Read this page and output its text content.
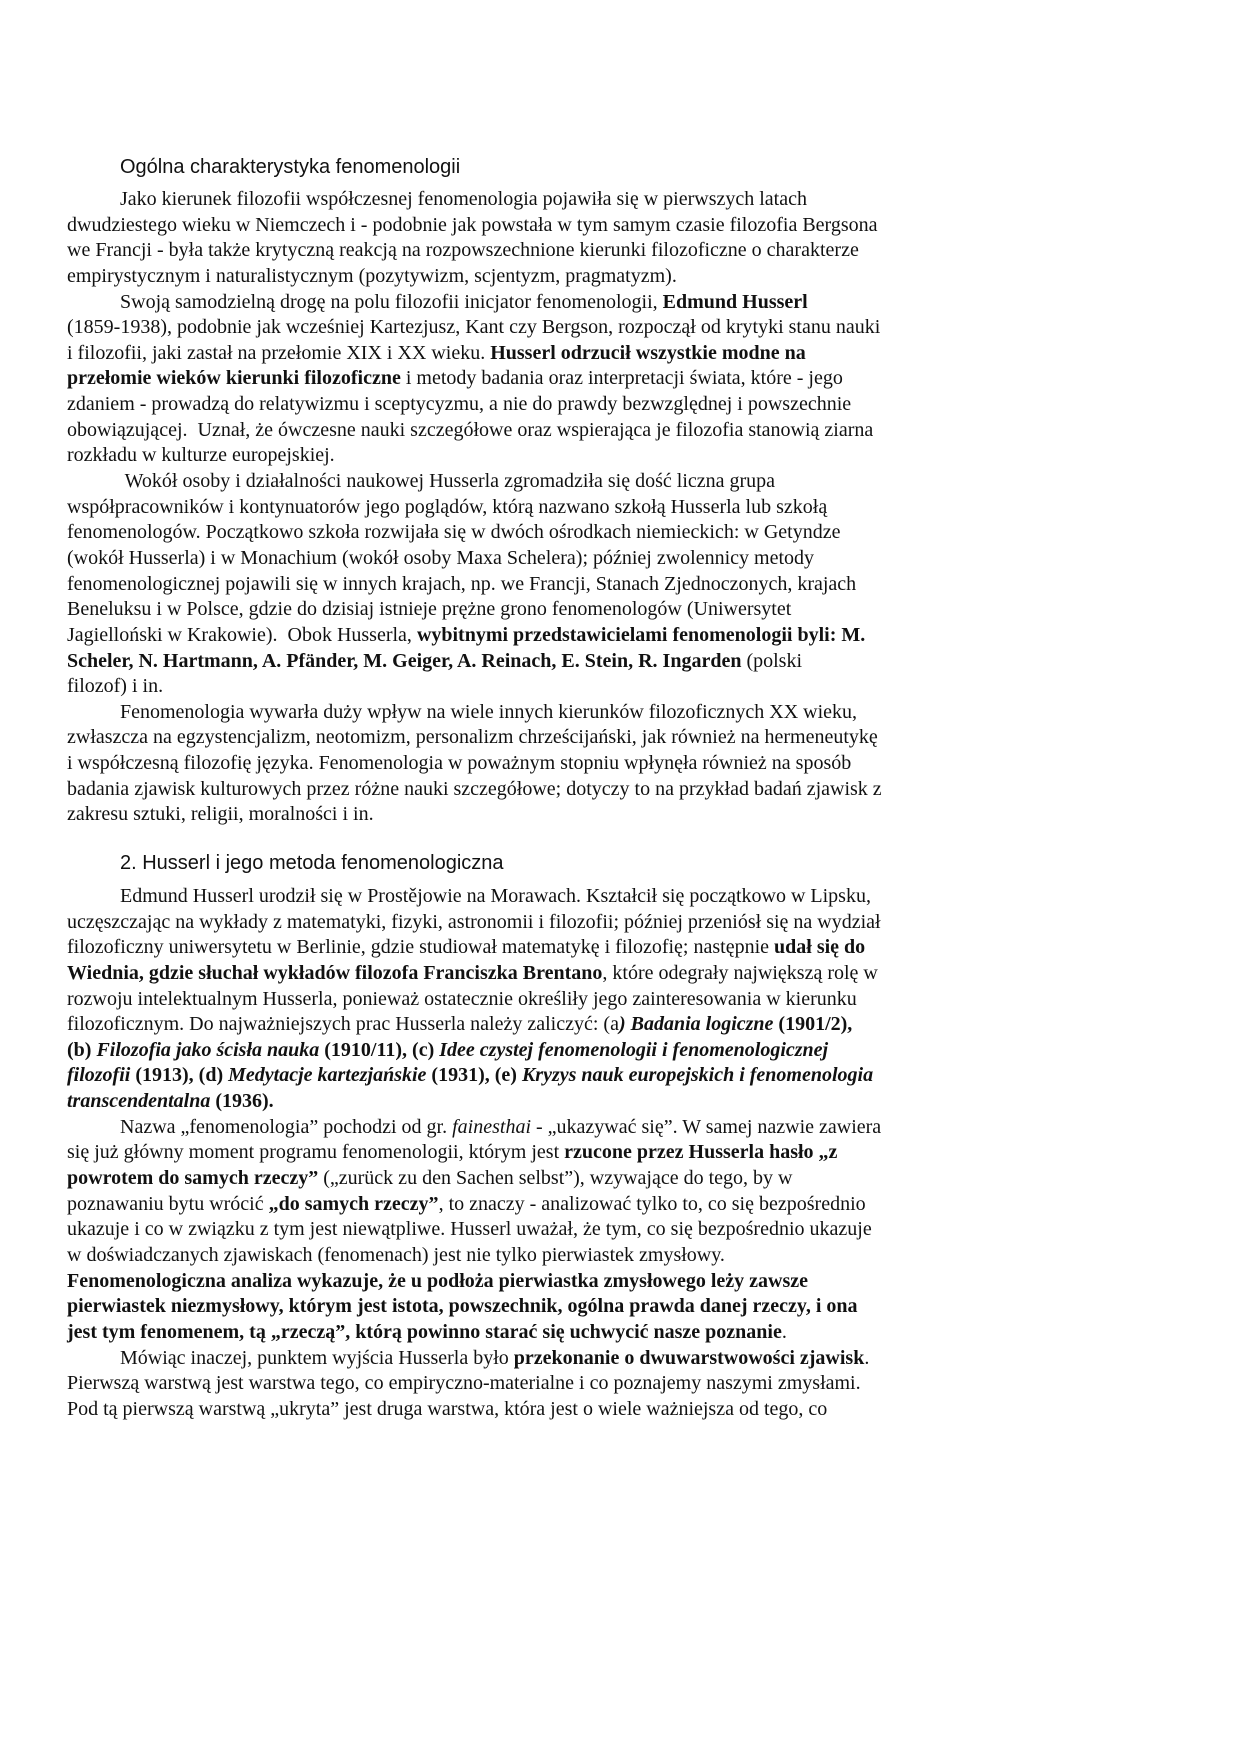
Ogólna charakterystyka fenomenologii
Jako kierunek filozofii współczesnej fenomenologia pojawiła się w pierwszych latach
dwudziestego wieku w Niemczech i - podobnie jak powstała w tym samym czasie filozofia Bergsona
we Francji - była także krytyczną reakcją na rozpowszechnione kierunki filozoficzne o charakterze
empirystycznym i naturalistycznym (pozytywizm, scjentyzm, pragmatyzm).
Swoją samodzielną drogę na polu filozofii inicjator fenomenologii, Edmund Husserl
(1859-1938), podobnie jak wcześniej Kartezjusz, Kant czy Bergson, rozpoczął od krytyki stanu nauki
i filozofii, jaki zastał na przełomie XIX i XX wieku. Husserl odrzucił wszystkie modne na
przełomie wieków kierunki filozoficzne i metody badania oraz interpretacji świata, które - jego
zdaniem - prowadzą do relatywizmu i sceptycyzmu, a nie do prawdy bezwzględnej i powszechnie
obowiązującej.  Uznał, że ówczesne nauki szczegółowe oraz wspierająca je filozofia stanowią ziarna
rozkładu w kulturze europejskiej.
Wokół osoby i działalności naukowej Husserla zgromadziła się dość liczna grupa
współpracowników i kontynuatorów jego poglądów, którą nazwano szkołą Husserla lub szkołą
fenomenologów. Początkowo szkoła rozwijała się w dwóch ośrodkach niemieckich: w Getyndze
(wokół Husserla) i w Monachium (wokół osoby Maxa Schelera); później zwolennicy metody
fenomenologicznej pojawili się w innych krajach, np. we Francji, Stanach Zjednoczonych, krajach
Beneluksu i w Polsce, gdzie do dzisiaj istnieje prężne grono fenomenologów (Uniwersytet
Jagielloński w Krakowie).  Obok Husserla, wybitnymi przedstawicielami fenomenologii byli: M.
Scheler, N. Hartmann, A. Pfänder, M. Geiger, A. Reinach, E. Stein, R. Ingarden (polski
filozof) i in.
Fenomenologia wywarła duży wpływ na wiele innych kierunków filozoficznych XX wieku,
zwłaszcza na egzystencjalizm, neotomizm, personalizm chrześcijański, jak również na hermeneutykę
i współczesną filozofię języka. Fenomenologia w poważnym stopniu wpłynęła również na sposób
badania zjawisk kulturowych przez różne nauki szczegółowe; dotyczy to na przykład badań zjawisk z
zakresu sztuki, religii, moralności i in.
2. Husserl i jego metoda fenomenologiczna
Edmund Husserl urodził się w Prostějowie na Morawach. Kształcił się początkowo w Lipsku,
uczęszczając na wykłady z matematyki, fizyki, astronomii i filozofii; później przeniósł się na wydział
filozoficzny uniwersytetu w Berlinie, gdzie studiował matematykę i filozofię; następnie udał się do
Wiednia, gdzie słuchał wykładów filozofa Franciszka Brentano, które odegrały największą rolę w
rozwoju intelektualnym Husserla, ponieważ ostatecznie określiły jego zainteresowania w kierunku
filozoficznym. Do najważniejszych prac Husserla należy zaliczyć: (a) Badania logiczne (1901/2),
(b) Filozofia jako ścisła nauka (1910/11), (c) Idee czystej fenomenologii i fenomenologicznej
filozofii (1913), (d) Medytacje kartezjańskie (1931), (e) Kryzys nauk europejskich i fenomenologia
transcendentalna (1936).
Nazwa „fenomenologia” pochodzi od gr. fainesthai - „ukazywać się”. W samej nazwie zawiera
się już główny moment programu fenomenologii, którym jest rzucone przez Husserla hasło „z
powrotem do samych rzeczy” („zurück zu den Sachen selbst”), wzywające do tego, by w
poznawaniu bytu wrócić „do samych rzeczy”, to znaczy - analizować tylko to, co się bezpośrednio
ukazuje i co w związku z tym jest niewątpliwe. Husserl uważał, że tym, co się bezpośrednio ukazuje
w doświadczanych zjawiskach (fenomenach) jest nie tylko pierwiastek zmysłowy.
Fenomenologiczna analiza wykazuje, że u podłoża pierwiastka zmysłowego leży zawsze
pierwiastek niezmysłowy, którym jest istota, powszechnik, ogólna prawda danej rzeczy, i ona
jest tym fenomenem, tą „rzeczą”, którą powinno starać się uchwycić nasze poznanie.
Mówiąc inaczej, punktem wyjścia Husserla było przekonanie o dwuwarstwowości zjawisk.
Pierwszą warstwą jest warstwa tego, co empiryczno-materialne i co poznajemy naszymi zmysłami.
Pod tą pierwszą warstwą „ukryta” jest druga warstwa, która jest o wiele ważniejsza od tego, co
